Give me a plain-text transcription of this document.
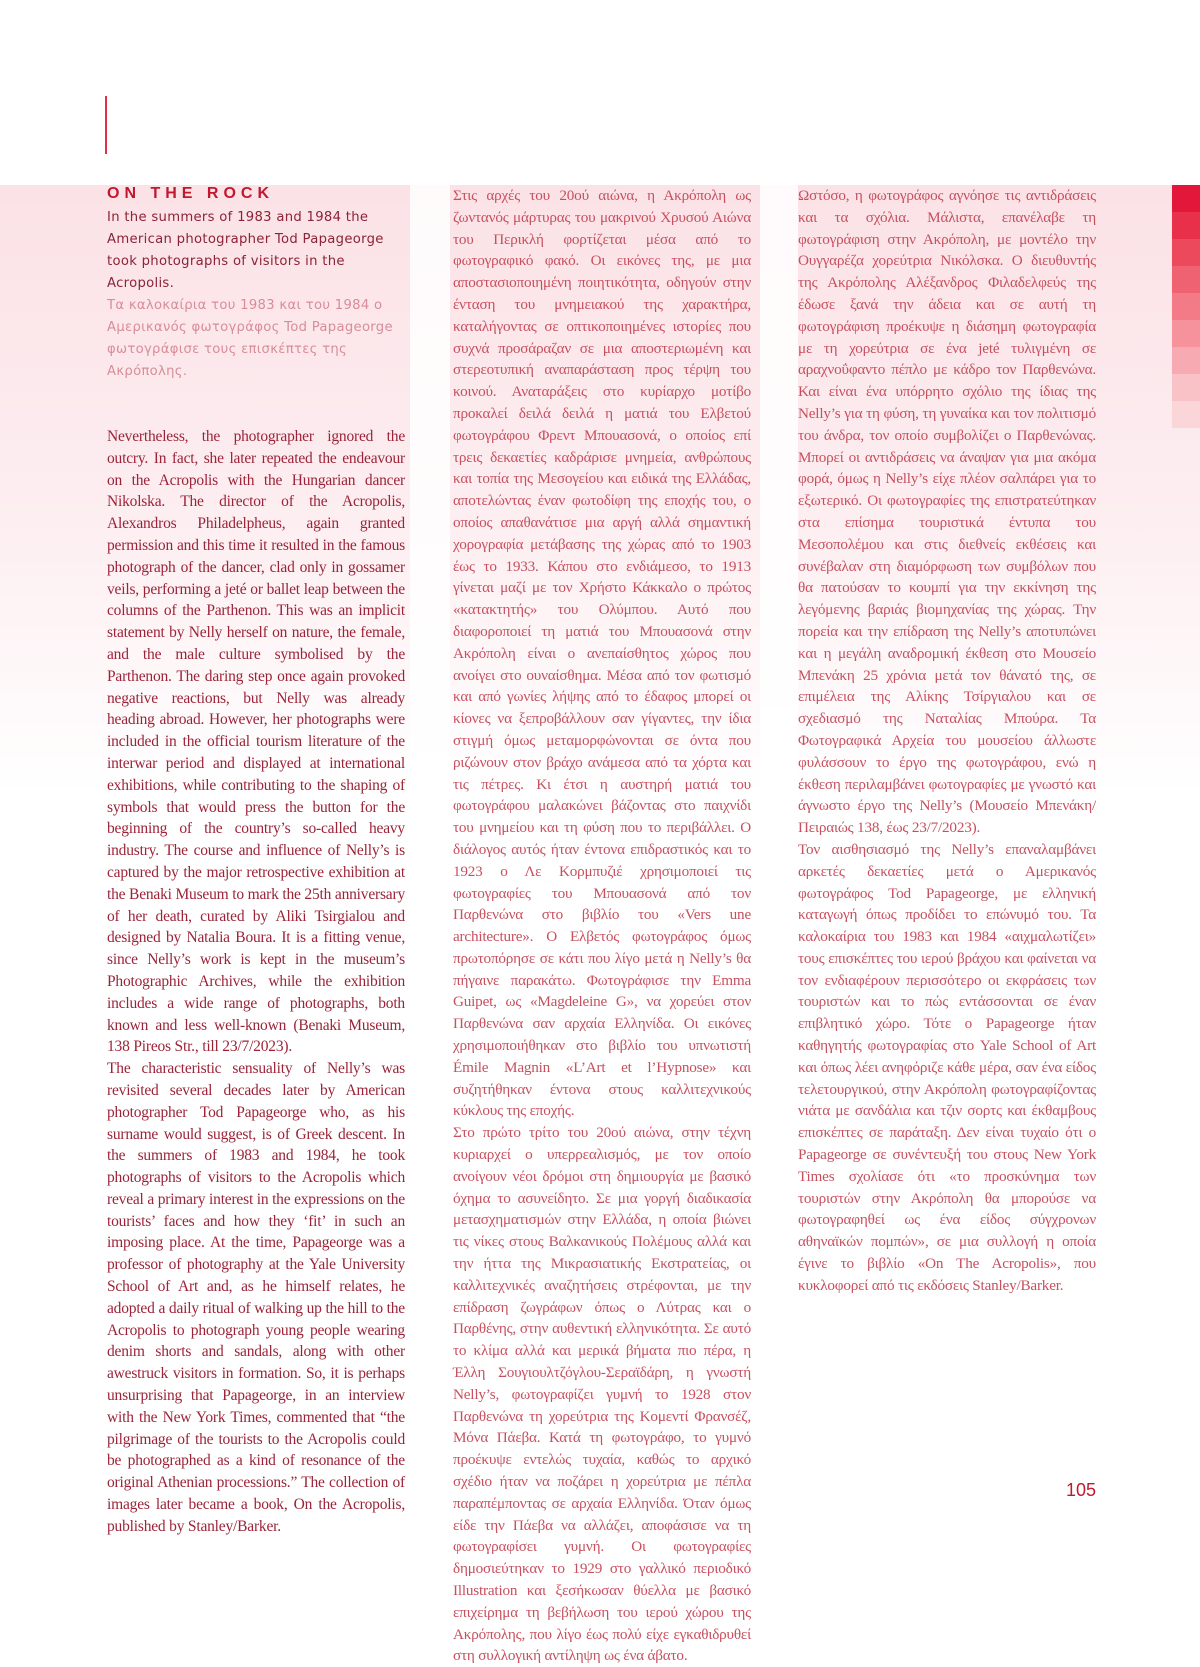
ON THE ROCK

In the summers of 1983 and 1984 the American photographer Tod Papageorge took photographs of visitors in the Acropolis.

Τα καλοκαίρια του 1983 και του 1984 ο Αμερικανός φωτογράφος Tod Papageorge φωτογράφισε τους επισκέπτες της Ακρόπολης.

Nevertheless, the photographer ignored the outcry. In fact, she later repeated the endeavour on the Acropolis with the Hungarian dancer Nikolska. The director of the Acropolis, Alexandros Philadelpheus, again granted permission and this time it resulted in the famous photograph of the dancer, clad only in gossamer veils, performing a jeté or ballet leap between the columns of the Parthenon. This was an implicit statement by Nelly herself on nature, the female, and the male culture symbolised by the Parthenon. The daring step once again provoked negative reactions, but Nelly was already heading abroad. However, her photographs were included in the official tourism literature of the interwar period and displayed at international exhibitions, while contributing to the shaping of symbols that would press the button for the beginning of the country’s so-called heavy industry. The course and influence of Nelly’s is captured by the major retrospective exhibition at the Benaki Museum to mark the 25th anniversary of her death, curated by Aliki Tsirgialou and designed by Natalia Boura. It is a fitting venue, since Nelly’s work is kept in the museum’s Photographic Archives, while the exhibition includes a wide range of photographs, both known and less well-known (Benaki Museum, 138 Pireos Str., till 23/7/2023).

The characteristic sensuality of Nelly’s was revisited several decades later by American photographer Tod Papageorge who, as his surname would suggest, is of Greek descent. In the summers of 1983 and 1984, he took photographs of visitors to the Acropolis which reveal a primary interest in the expressions on the tourists’ faces and how they ‘fit’ in such an imposing place. At the time, Papageorge was a professor of photography at the Yale University School of Art and, as he himself relates, he adopted a daily ritual of walking up the hill to the Acropolis to photograph young people wearing denim shorts and sandals, along with other awestruck visitors in formation. So, it is perhaps unsurprising that Papageorge, in an interview with the New York Times, commented that “the pilgrimage of the tourists to the Acropolis could be photographed as a kind of resonance of the original Athenian processions.” The collection of images later became a book, On the Acropolis, published by Stanley/Barker.

Στις αρχές του 20ού αιώνα, η Ακρόπολη ως ζωντανός μάρτυρας του μακρινού Χρυσού Αιώνα του Περικλή φορτίζεται μέσα από το φωτογραφικό φακό. Οι εικόνες της, με μια αποστασιοποιημένη ποιητικότητα, οδηγούν στην ένταση του μνημειακού της χαρακτήρα, καταλήγοντας σε οπτικοποιημένες ιστορίες που συχνά προσάραζαν σε μια αποστεριωμένη και στερεοτυπική αναπαράσταση προς τέρψη του κοινού. Αναταράξεις στο κυρίαρχο μοτίβο προκαλεί δειλά δειλά η ματιά του Ελβετού φωτογράφου Φρεντ Μπουασονά, ο οποίος επί τρεις δεκαετίες καδράρισε μνημεία, ανθρώπους και τοπία της Μεσογείου και ειδικά της Ελλάδας, αποτελώντας έναν φωτοδίφη της εποχής του, ο οποίος απαθανάτισε μια αργή αλλά σημαντική χορογραφία μετάβασης της χώρας από το 1903 έως το 1933. Κάπου στο ενδιάμεσο, το 1913 γίνεται μαζί με τον Χρήστο Κάκκαλο ο πρώτος «κατακτητής» του Ολύμπου. Αυτό που διαφοροποιεί τη ματιά του Μπουασονά στην Ακρόπολη είναι ο ανεπαίσθητος χώρος που ανοίγει στο ουναίσθημα. Μέσα από τον φωτισμό και από γωνίες λήψης από το έδαφος μπορεί οι κίονες να ξεπροβάλλουν σαν γίγαντες, την ίδια στιγμή όμως μεταμορφώνονται σε όντα που ριζώνουν στον βράχο ανάμεσα από τα χόρτα και τις πέτρες. Κι έτσι η αυστηρή ματιά του φωτογράφου μαλακώνει βάζοντας στο παιχνίδι του μνημείου και τη φύση που το περιβάλλει. Ο διάλογος αυτός ήταν έντονα επιδραστικός και το 1923 ο Λε Κορμπυζιέ χρησιμοποιεί τις φωτογραφίες του Μπουασονά από τον Παρθενώνα στο βιβλίο του «Vers une architecture». Ο Ελβετός φωτογράφος όμως πρωτοπόρησε σε κάτι που λίγο μετά η Nelly’s θα πήγαινε παρακάτω. Φωτογράφισε την Emma Guipet, ως «Magdeleine G», να χορεύει στον Παρθενώνα σαν αρχαία Ελληνίδα. Οι εικόνες χρησιμοποιήθηκαν στο βιβλίο του υπνωτιστή Émile Magnin «L’Art et l’Hypnose» και συζητήθηκαν έντονα στους καλλιτεχνικούς κύκλους της εποχής.

Στο πρώτο τρίτο του 20ού αιώνα, στην τέχνη κυριαρχεί ο υπερρεαλισμός, με τον οποίο ανοίγουν νέοι δρόμοι στη δημιουργία με βασικό όχημα το ασυνείδητο. Σε μια γοργή διαδικασία μετασχηματισμών στην Ελλάδα, η οποία βιώνει τις νίκες στους Βαλκανικούς Πολέμους αλλά και την ήττα της Μικρασιατικής Εκστρατείας, οι καλλιτεχνικές αναζητήσεις στρέφονται, με την επίδραση ζωγράφων όπως ο Λύτρας και ο Παρθένης, στην αυθεντική ελληνικότητα. Σε αυτό το κλίμα αλλά και μερικά βήματα πιο πέρα, η Έλλη Σουγιουλτζόγλου-Σεραϊδάρη, η γνωστή Nelly’s, φωτογραφίζει γυμνή το 1928 στον Παρθενώνα τη χορεύτρια της Κομεντί Φρανσέζ, Μόνα Πάεβα. Κατά τη φωτογράφο, το γυμνό προέκυψε εντελώς τυχαία, καθώς το αρχικό σχέδιο ήταν να ποζάρει η χορεύτρια με πέπλα παραπέμποντας σε αρχαία Ελληνίδα. Όταν όμως είδε την Πάεβα να αλλάζει, αποφάσισε να τη φωτογραφίσει γυμνή. Οι φωτογραφίες δημοσιεύτηκαν το 1929 στο γαλλικό περιοδικό Illustration και ξεσήκωσαν θύελλα με βασικό επιχείρημα τη βεβήλωση του ιερού χώρου της Ακρόπολης, που λίγο έως πολύ είχε εγκαθιδρυθεί στη συλλογική αντίληψη ως ένα άβατο.

Ωστόσο, η φωτογράφος αγνόησε τις αντιδράσεις και τα σχόλια. Μάλιστα, επανέλαβε τη φωτογράφιση στην Ακρόπολη, με μοντέλο την Ουγγαρέζα χορεύτρια Νικόλσκα. Ο διευθυντής της Ακρόπολης Αλέξανδρος Φιλαδελφεύς της έδωσε ξανά την άδεια και σε αυτή τη φωτογράφιση προέκυψε η διάσημη φωτογραφία με τη χορεύτρια σε ένα jeté τυλιγμένη σε αραχνοΰφαντο πέπλο με κάδρο τον Παρθενώνα. Και είναι ένα υπόρρητο σχόλιο της ίδιας της Nelly’s για τη φύση, τη γυναίκα και τον πολιτισμό του άνδρα, τον οποίο συμβολίζει ο Παρθενώνας. Μπορεί οι αντιδράσεις να άναψαν για μια ακόμα φορά, όμως η Nelly’s είχε πλέον σαλπάρει για το εξωτερικό. Οι φωτογραφίες της επιστρατεύτηκαν στα επίσημα τουριστικά έντυπα του Μεσοπολέμου και στις διεθνείς εκθέσεις και συνέβαλαν στη διαμόρφωση των συμβόλων που θα πατούσαν το κουμπί για την εκκίνηση της λεγόμενης βαριάς βιομηχανίας της χώρας. Την πορεία και την επίδραση της Nelly’s αποτυπώνει και η μεγάλη αναδρομική έκθεση στο Μουσείο Μπενάκη 25 χρόνια μετά τον θάνατό της, σε επιμέλεια της Αλίκης Τσίργιαλου και σε σχεδιασμό της Ναταλίας Μπούρα. Τα Φωτογραφικά Αρχεία του μουσείου άλλωστε φυλάσσουν το έργο της φωτογράφου, ενώ η έκθεση περιλαμβάνει φωτογραφίες με γνωστό και άγνωστο έργο της Nelly’s (Μουσείο Μπενάκη/Πειραιώς 138, έως 23/7/2023).

Τον αισθησιασμό της Nelly’s επαναλαμβάνει αρκετές δεκαετίες μετά ο Αμερικανός φωτογράφος Tod Papageorge, με ελληνική καταγωγή όπως προδίδει το επώνυμό του. Τα καλοκαίρια του 1983 και 1984 «αιχμαλωτίζει» τους επισκέπτες του ιερού βράχου και φαίνεται να τον ενδιαφέρουν περισσότερο οι εκφράσεις των τουριστών και το πώς εντάσσονται σε έναν επιβλητικό χώρο. Τότε ο Papageorge ήταν καθηγητής φωτογραφίας στο Yale School of Art και όπως λέει ανηφόριζε κάθε μέρα, σαν ένα είδος τελετουργικού, στην Ακρόπολη φωτογραφίζοντας νιάτα με σανδάλια και τζιν σορτς και έκθαμβους επισκέπτες σε παράταξη. Δεν είναι τυχαίο ότι ο Papageorge σε συνέντευξή του στους New York Times σχολίασε ότι «το προσκύνημα των τουριστών στην Ακρόπολη θα μπορούσε να φωτογραφηθεί ως ένα είδος σύγχρονων αθηναϊκών πομπών», σε μια συλλογή η οποία έγινε το βιβλίο «On The Acropolis», που κυκλοφορεί από τις εκδόσεις Stanley/Barker.

105
